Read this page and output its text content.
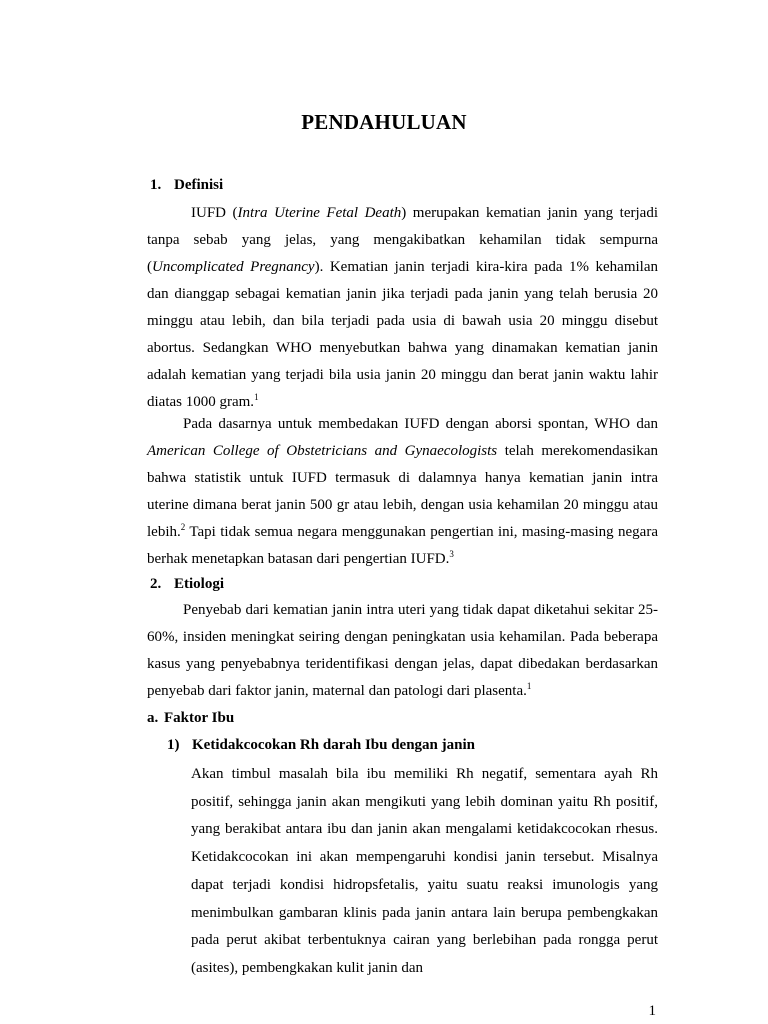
PENDAHULUAN
1. Definisi

IUFD (Intra Uterine Fetal Death) merupakan kematian janin yang terjadi tanpa sebab yang jelas, yang mengakibatkan kehamilan tidak sempurna (Uncomplicated Pregnancy). Kematian janin terjadi kira-kira pada 1% kehamilan dan dianggap sebagai kematian janin jika terjadi pada janin yang telah berusia 20 minggu atau lebih, dan bila terjadi pada usia di bawah usia 20 minggu disebut abortus. Sedangkan WHO menyebutkan bahwa yang dinamakan kematian janin adalah kematian yang terjadi bila usia janin 20 minggu dan berat janin waktu lahir diatas 1000 gram.$^1$

Pada dasarnya untuk membedakan IUFD dengan aborsi spontan, WHO dan American College of Obstetricians and Gynaecologists telah merekomendasikan bahwa statistik untuk IUFD termasuk di dalamnya hanya kematian janin intra uterine dimana berat janin 500 gr atau lebih, dengan usia kehamilan 20 minggu atau lebih.$^2$ Tapi tidak semua negara menggunakan pengertian ini, masing-masing negara berhak menetapkan batasan dari pengertian IUFD.$^3$

2. Etiologi

Penyebab dari kematian janin intra uteri yang tidak dapat diketahui sekitar 25-60%, insiden meningkat seiring dengan peningkatan usia kehamilan. Pada beberapa kasus yang penyebabnya teridentifikasi dengan jelas, dapat dibedakan berdasarkan penyebab dari faktor janin, maternal dan patologi dari plasenta.$^1$

a. Faktor Ibu
1) Ketidakcocokan Rh darah Ibu dengan janin

Akan timbul masalah bila ibu memiliki Rh negatif, sementara ayah Rh positif, sehingga janin akan mengikuti yang lebih dominan yaitu Rh positif, yang berakibat antara ibu dan janin akan mengalami ketidakcocokan rhesus. Ketidakcocokan ini akan mempengaruhi kondisi janin tersebut. Misalnya dapat terjadi kondisi hidropsfetalis, yaitu suatu reaksi imunologis yang menimbulkan gambaran klinis pada janin antara lain berupa pembengkakan pada perut akibat terbentuknya cairan yang berlebihan pada rongga perut (asites), pembengkakan kulit janin dan

1
